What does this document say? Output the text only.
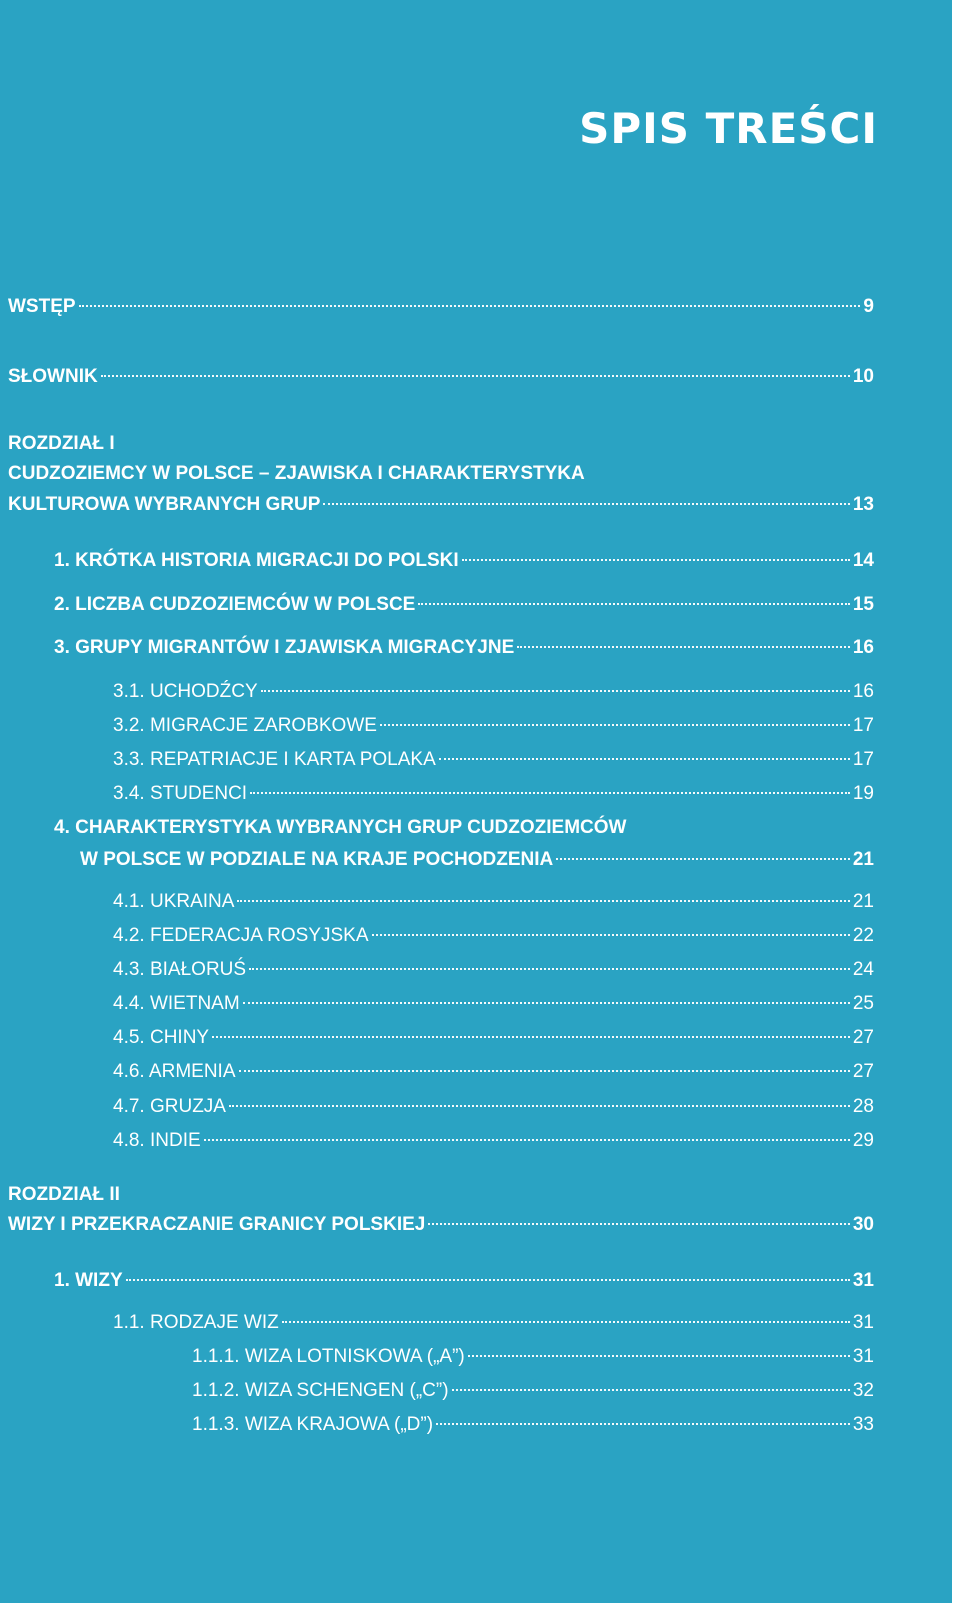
SPIS TREŚCI
WSTĘP	9
SŁOWNIK	10
ROZDZIAŁ I
CUDZOZIEMCY W POLSCE – ZJAWISKA I CHARAKTERYSTYKA
KULTUROWA WYBRANYCH GRUP	13
1. KRÓTKA HISTORIA MIGRACJI DO POLSKI	14
2. LICZBA CUDZOZIEMCÓW W POLSCE	15
3. GRUPY MIGRANTÓW I ZJAWISKA MIGRACYJNE	16
3.1. UCHODŹCY	16
3.2. MIGRACJE ZAROBKOWE	17
3.3. REPATRIACJE I KARTA POLAKA	17
3.4. STUDENCI	19
4. CHARAKTERYSTYKA WYBRANYCH GRUP CUDZOZIEMCÓW
W POLSCE W PODZIALE NA KRAJE POCHODZENIA	21
4.1. UKRAINA	21
4.2. FEDERACJA ROSYJSKA	22
4.3. BIAŁORUŚ	24
4.4. WIETNAM	25
4.5. CHINY	27
4.6. ARMENIA	27
4.7. GRUZJA	28
4.8. INDIE	29
ROZDZIAŁ II
WIZY I PRZEKRACZANIE GRANICY POLSKIEJ	30
1. WIZY	31
1.1. RODZAJE WIZ	31
1.1.1. WIZA LOTNISKOWA („A”)	31
1.1.2. WIZA SCHENGEN („C”)	32
1.1.3. WIZA KRAJOWA („D”)	33
